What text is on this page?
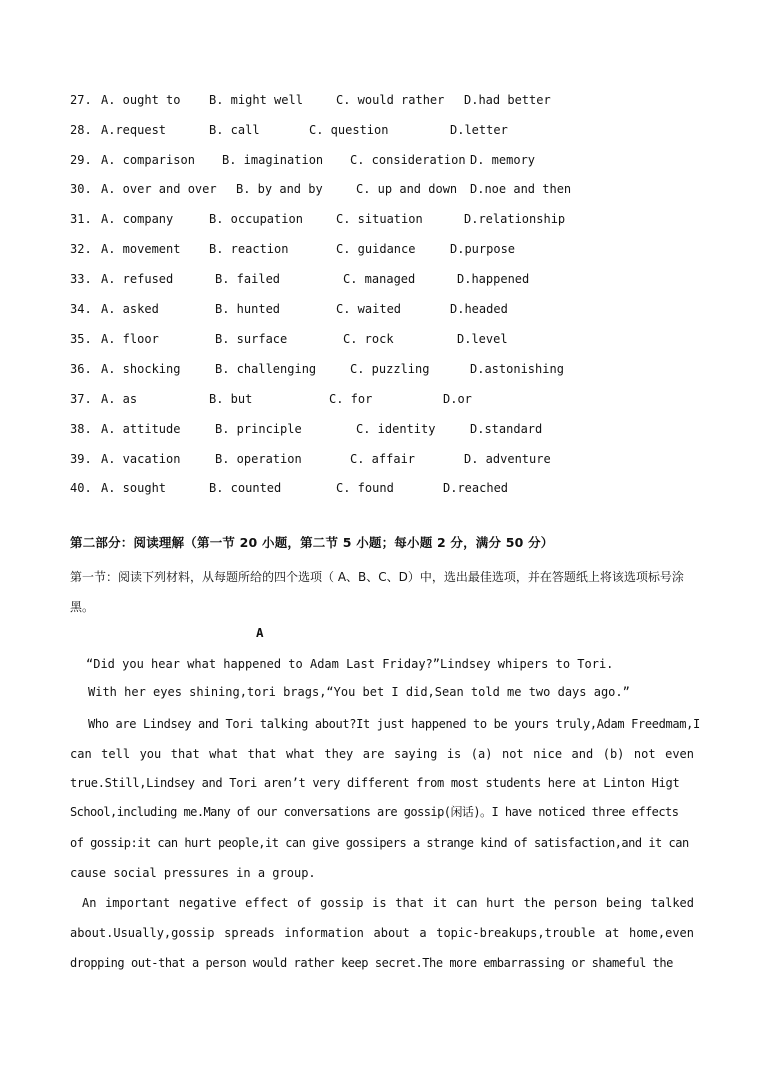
27.

A. ought to

B. might well

	C. would rather

D.had better

28.

A.request

	B. call

	C. question

	D.letter

29.

A. comparison

B. imagination

C. consideration

D. memory

30.

A. over and over

B. by and by

	C. up and down

D.noe and then

31.

A. company

	B. occupation

	C. situation

	D.relationship

32.

A. movement

B. reaction

	C. guidance

	D.purpose

33.

A. refused

	B. failed

	C. managed

	D.happened

34.

A. asked

	B. hunted

	C. waited

	D.headed

35.

A. floor

	B. surface

	C. rock

	D.level

36.

A. shocking

	B. challenging

	C. puzzling

	D.astonishing

37.

A. as

	B. but

	C. for

	D.or

38.

A. attitude

	B. principle

	C. identity

	D.standard

39.

A. vacation

	B. operation

	C. affair

	D. adventure

40.

A. sought

	B. counted

	C. found

	D.reached

第二部分：阅读理解（第一节 20 小题，第二节 5 小题；每小题 2 分，满分 50 分）
第一节：阅读下列材料，从每题所给的四个选项（ A、B、C、D）中，选出最佳选项，并在答题纸上将该选项标号涂黑。
A
“Did you hear what happened to Adam Last Friday?”Lindsey whipers to Tori.
With her eyes shining,tori brags,“You bet I did,Sean told me two days ago.”
Who are Lindsey and Tori talking about?It just happened to be yours truly,Adam Freedmam,I
can tell you that what that what they are saying is (a) not nice and (b) not even
true.Still,Lindsey and Tori aren’t very different from most students here at Linton Higt
School,including me.Many of our conversations are gossip(闲话)。I have noticed three effects
of gossip:it can hurt people,it can give gossipers a strange kind of satisfaction,and it can
cause social pressures in a group.
An important negative effect of gossip is that it can hurt the person being talked
about.Usually,gossip spreads information about a topic-breakups,trouble at home,even
dropping out-that a person would rather keep secret.The more embarrassing or shameful the
